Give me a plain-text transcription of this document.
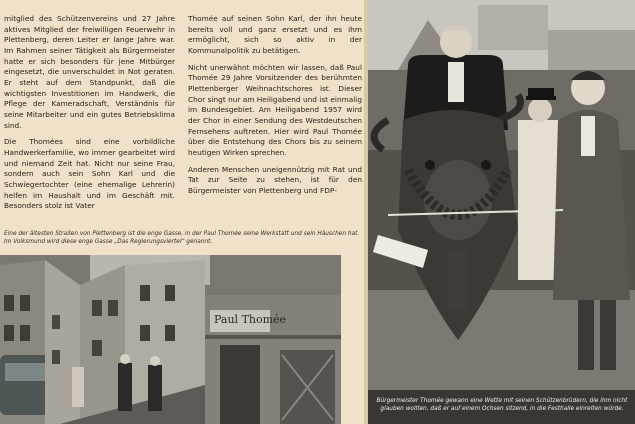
mitglied des Schützenvereins und 27 Jahre aktives Mitglied der freiwilligen Feuerwehr in Plettenberg, deren Leiter er lange Jahre war. Im Rahmen seiner Tätigkeit als Bürgermeister hatte er sich besonders für jene Mitbürger eingesetzt, die unverschuldet in Not geraten. Er steht auf dem Standpunkt, daß die wichtigsten Investitionen im Handwerk, die Pflege der Kameradschaft, Verständnis für seine Mitarbeiter und ein gutes Betriebsklima sind.

Die Thomées sind eine vorbildliche Handwerkerfamilie, wo immer gearbeitet wird und niemand Zeit hat. Nicht nur seine Frau, sondern auch sein Sohn Karl und die Schwiegertochter (eine ehemalige Lehrerin) helfen im Haushalt und im Geschäft mit. Besonders stolz ist Vater

Thomée auf seinen Sohn Karl, der ihn heute bereits voll und ganz ersetzt und es ihm ermöglicht, sich so aktiv in der Kommunalpolitik zu betätigen.

Nicht unerwähnt möchten wir lassen, daß Paul Thomée 29 Jahre Vorsitzender des berühmten Plettenberger Weihnachtschores ist. Dieser Chor singt nur am Heiligabend und ist einmalig im Bundesgebiet. Am Heiligabend 1957 wird der Chor in einer Sendung des Westdeutschen Fernsehens auftreten. Hier wird Paul Thomée über die Entstehung des Chors bis zu seinem heutigen Wirken sprechen.

Anderen Menschen uneigennützig mit Rat und Tat zur Seite zu stehen, ist für den Bürgermeister von Plettenberg und FDP-

Eine der ältesten Straßen von Plettenberg ist die enge Gasse, in der Paul Thomée seine Werkstatt und sein Häuschen hat. Im Volksmund wird diese enge Gasse „Das Regierungsviertel“ genannt.
Paul Thomée
Bürgermeister Thomée gewann eine Wette mit seinen Schützenbrüdern, die ihm nicht glauben wollten, daß er auf einem Ochsen sitzend, in die Festhalle einreiten würde.
